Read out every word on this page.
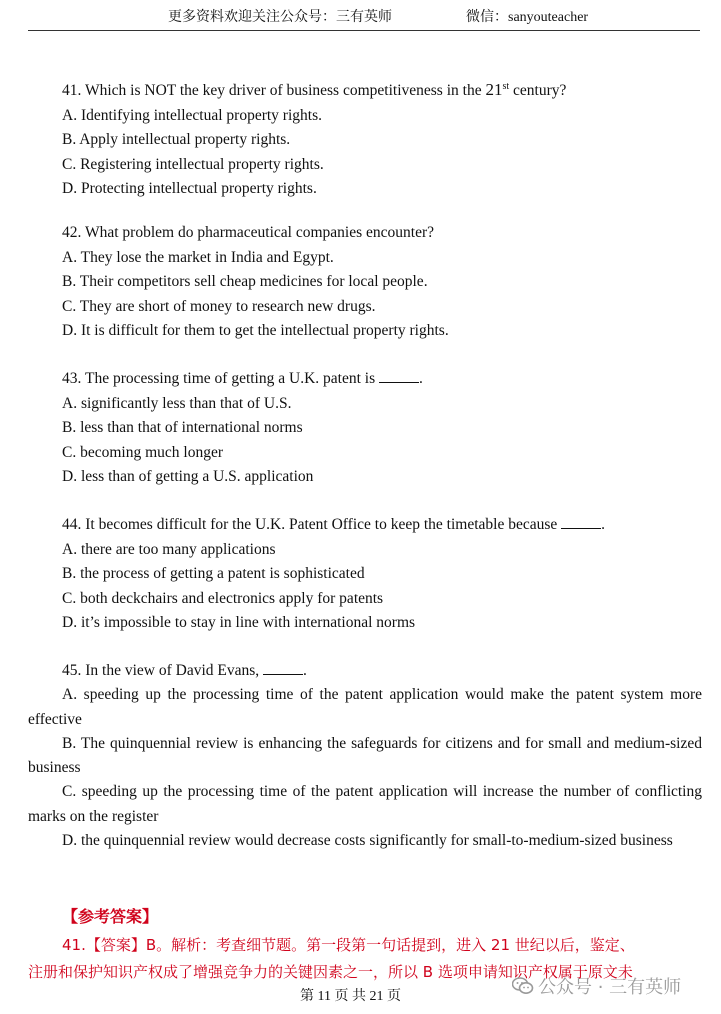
更多资料欢迎关注公众号：三有英师	微信：sanyouteacher
41. Which is NOT the key driver of business competitiveness in the 21st century?
A. Identifying intellectual property rights.
B. Apply intellectual property rights.
C. Registering intellectual property rights.
D. Protecting intellectual property rights.
42. What problem do pharmaceutical companies encounter?
A. They lose the market in India and Egypt.
B. Their competitors sell cheap medicines for local people.
C. They are short of money to research new drugs.
D. It is difficult for them to get the intellectual property rights.
43. The processing time of getting a U.K. patent is	.
A. significantly less than that of U.S.
B. less than that of international norms
C. becoming much longer
D. less than of getting a U.S. application
44. It becomes difficult for the U.K. Patent Office to keep the timetable because	.
A. there are too many applications
B. the process of getting a patent is sophisticated
C. both deckchairs and electronics apply for patents
D. it’s impossible to stay in line with international norms
45. In the view of David Evans,	.
A. speeding up the processing time of the patent application would make the patent system more effective
B. The quinquennial review is enhancing the safeguards for citizens and for small and medium-sized business
C. speeding up the processing time of the patent application will increase the number of conflicting marks on the register
D. the quinquennial review would decrease costs significantly for small-to-medium-sized business
【参考答案】
41.【答案】B。解析：考查细节题。第一段第一句话提到，进入 21 世纪以后，鉴定、
注册和保护知识产权成了增强竞争力的关键因素之一，所以 B 选项申请知识产权属于原文未
第 11 页 共 21 页	公众号 · 三有英师
